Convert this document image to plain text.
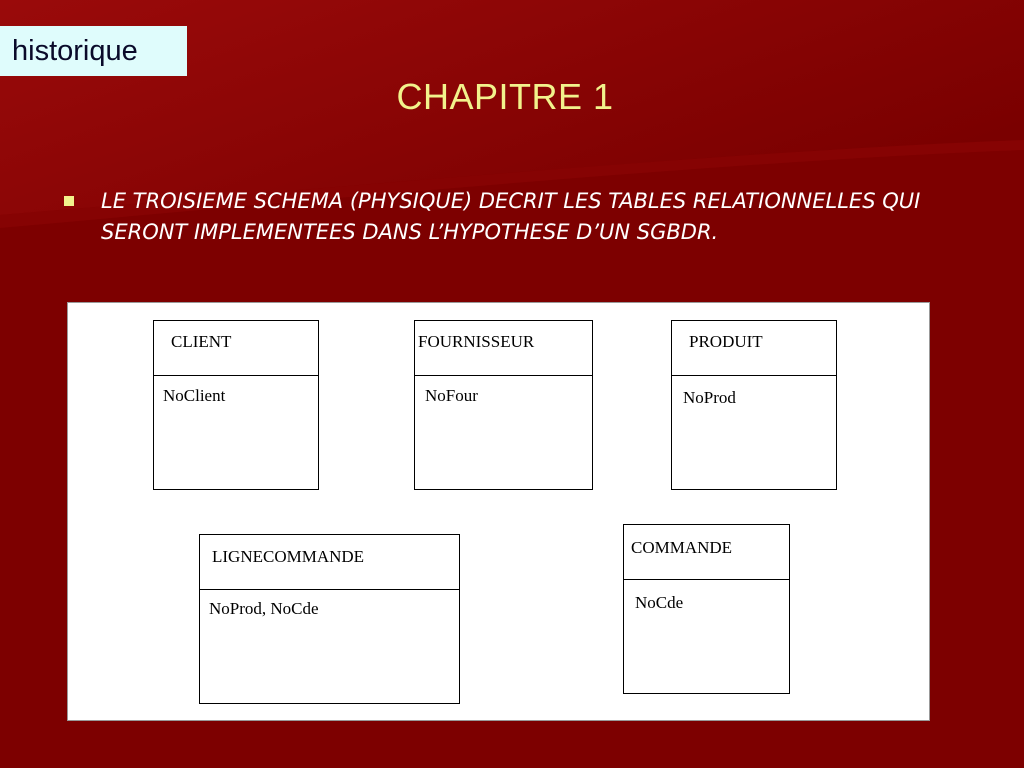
historique
CHAPITRE 1
LE TROISIEME SCHEMA (PHYSIQUE) DECRIT LES TABLES RELATIONNELLES QUI SERONT IMPLEMENTEES DANS L’HYPOTHESE D’UN SGBDR.
CLIENT
NoClient
FOURNISSEUR
NoFour
PRODUIT
NoProd
LIGNECOMMANDE
NoProd, NoCde
COMMANDE
NoCde
